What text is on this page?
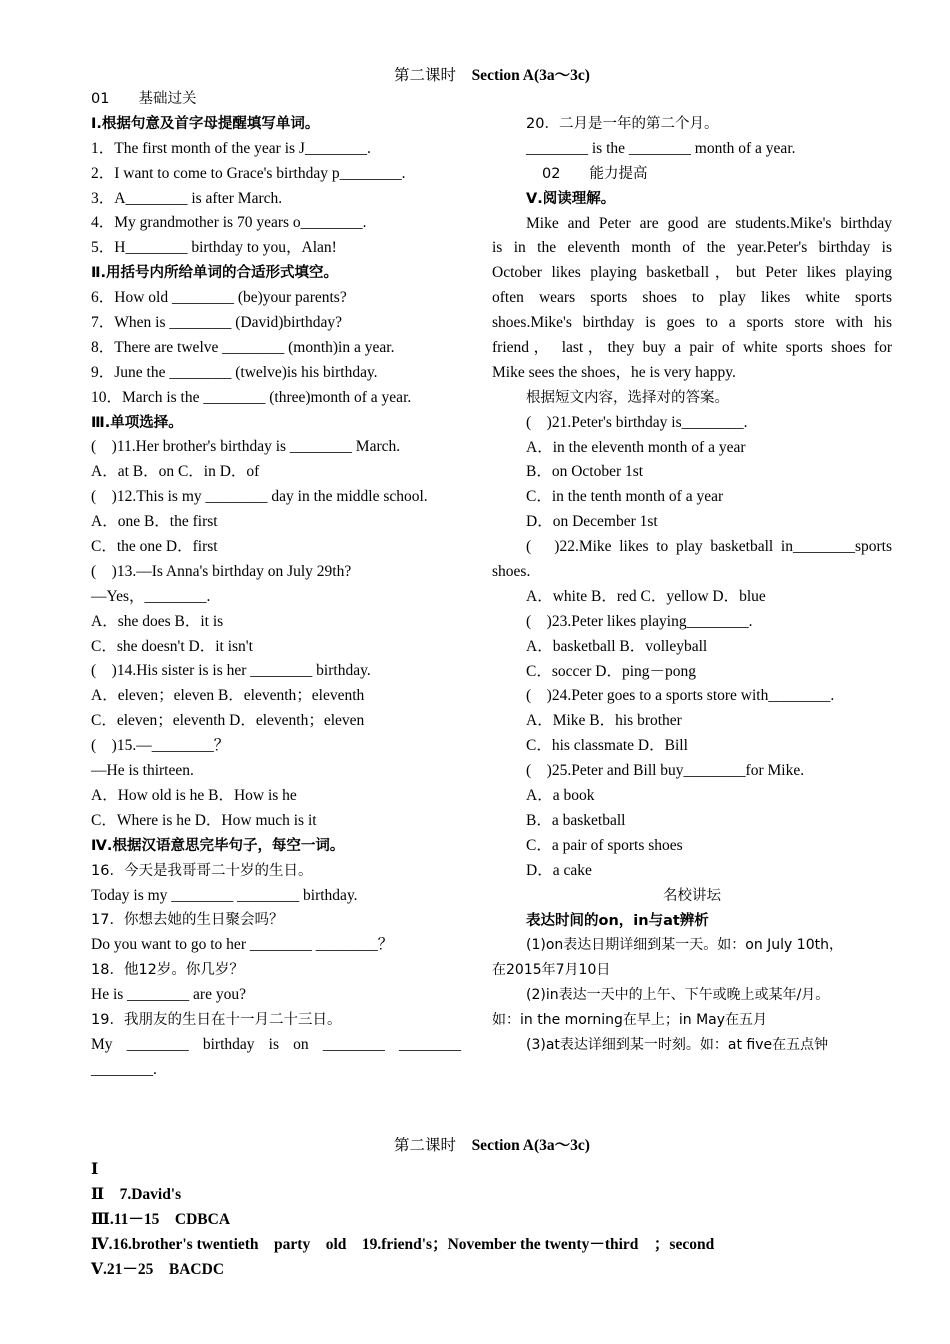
第二课时　 Section A(3a～3c)
01　　基础过关
Ⅰ.根据句意及首字母提醒填写单词。
1．The first month of the year is J________.
2．I want to come to Grace's birthday p________.
3．A________ is after March.
4．My grandmother is 70 years o________.
5．H________ birthday to you，Alan!
Ⅱ.用括号内所给单词的合适形式填空。
6．How old ________ (be)your parents?
7．When is ________ (David)birthday?
8．There are twelve ________ (month)in a year.
9．June the ________ (twelve)is his birthday.
10．March is the ________ (three)month of a year.
Ⅲ.单项选择。
(　)11.Her brother's birthday is ________ March.
A．at B．on C．in D．of
(　)12.This is my ________ day in the middle school.
A．one B．the first
C．the one D．first
(　)13.—Is Anna's birthday on July 29th?
—Yes，________.
A．she does B．it is
C．she doesn't D．it isn't
(　)14.His sister is is her ________ birthday.
A．eleven；eleven B．eleventh；eleventh
C．eleven；eleventh D．eleventh；eleven
(　)15.—________？
—He is thirteen.
A．How old is he B．How is he
C．Where is he D．How much is it
Ⅳ.根据汉语意思完毕句子，每空一词。
16．今天是我哥哥二十岁的生日。
Today is my ________ ________ birthday.
17．你想去她的生日聚会吗？
Do you want to go to her ________ ________？
18．他12岁。你几岁？
He is ________ are you?
19．我朋友的生日在十一月二十三日。
My ________ birthday is on ________ ________
________.
20．二月是一年的第二个月。
________ is the ________ month of a year.
02　　能力提高
Ⅴ.阅读理解。
Mike and Peter are good are students.Mike's birthday
is in the eleventh month of the year.Peter's birthday is
October likes playing basketball，but Peter likes playing
often wears sports shoes to play likes white sports
shoes.Mike's birthday is goes to a sports store with his
friend， last，they buy a pair of white sports shoes for
Mike sees the shoes，he is very happy.
根据短文内容，选择对的答案。
(　)21.Peter's birthday is________.
A．in the eleventh month of a year
B．on October 1st
C．in the tenth month of a year
D．on December 1st
(　)22.Mike likes to play basketball in________sports
shoes.
A．white B．red C．yellow D．blue
(　)23.Peter likes playing________.
A．basketball B．volleyball
C．soccer D．ping－pong
(　)24.Peter goes to a sports store with________.
A．Mike B．his brother
C．his classmate D．Bill
(　)25.Peter and Bill buy________for Mike.
A．a book
B．a basketball
C．a pair of sports shoes
D．a cake
名校讲坛
表达时间的on，in与at辨析
(1)on表达日期详细到某一天。如：on July 10th，
在2015年7月10日
(2)in表达一天中的上午、下午或晚上或某年/月。
如：in the morning在早上；in May在五月
(3)at表达详细到某一时刻。如：at five在五点钟
第二课时　 Section A(3a～3c)
Ⅰ
Ⅱ　7.David's
Ⅲ.11－15　CDBCA
Ⅳ.16.brother's twentieth　party　old　19.friend's；November the twenty－third　；second
Ⅴ.21－25　BACDC
